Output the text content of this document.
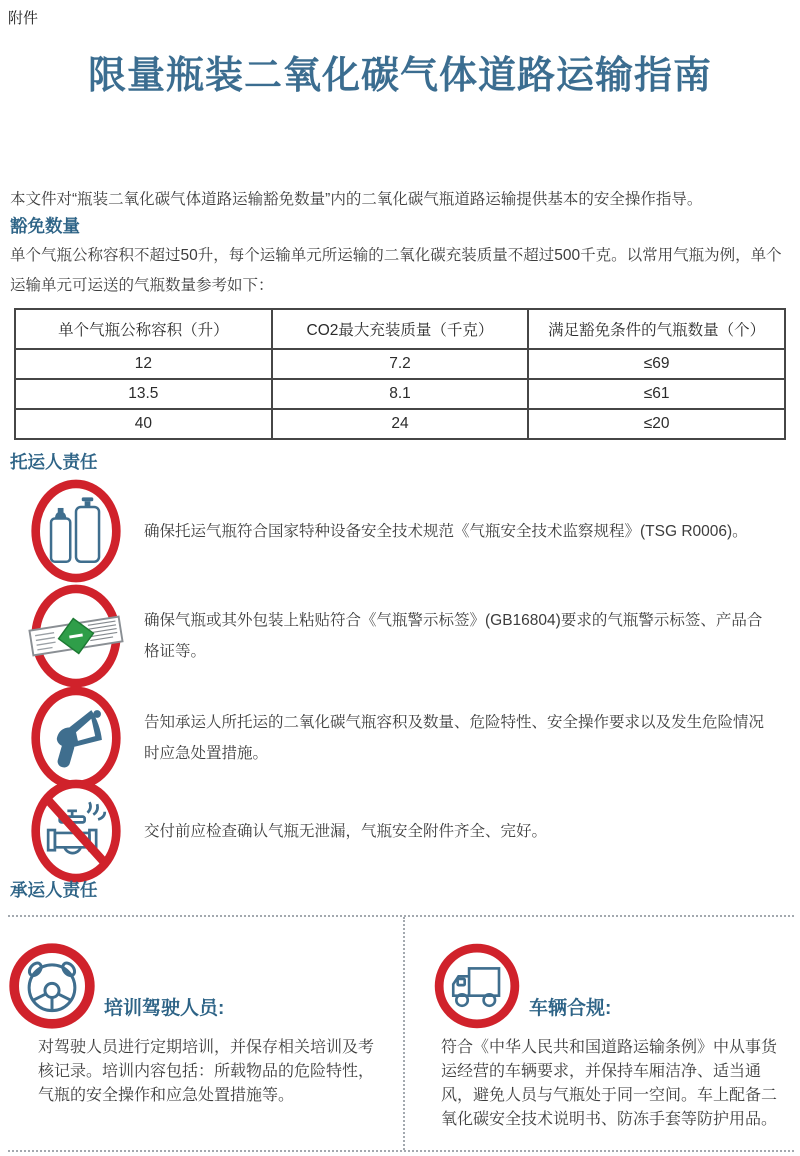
附件
限量瓶装二氧化碳气体道路运输指南
本文件对“瓶装二氧化碳气体道路运输豁免数量”内的二氧化碳气瓶道路运输提供基本的安全操作指导。
豁免数量
单个气瓶公称容积不超过50升，每个运输单元所运输的二氧化碳充装质量不超过500千克。以常用气瓶为例，单个运输单元可运送的气瓶数量参考如下：
单个气瓶公称容积（升）	CO2最大充装质量（千克）	满足豁免条件的气瓶数量（个）
12	7.2	≤69
13.5	8.1	≤61
40	24	≤20
托运人责任
确保托运气瓶符合国家特种设备安全技术规范《气瓶安全技术监察规程》(TSG R0006)。
确保气瓶或其外包装上粘贴符合《气瓶警示标签》(GB16804)要求的气瓶警示标签、产品合格证等。
告知承运人所托运的二氧化碳气瓶容积及数量、危险特性、安全操作要求以及发生危险情况时应急处置措施。
交付前应检查确认气瓶无泄漏，气瓶安全附件齐全、完好。
承运人责任
培训驾驶人员:
对驾驶人员进行定期培训，并保存相关培训及考核记录。培训内容包括：所载物品的危险特性，气瓶的安全操作和应急处置措施等。
车辆合规:
符合《中华人民共和国道路运输条例》中从事货运经营的车辆要求，并保持车厢洁净、适当通风，避免人员与气瓶处于同一空间。车上配备二氧化碳安全技术说明书、防冻手套等防护用品。
